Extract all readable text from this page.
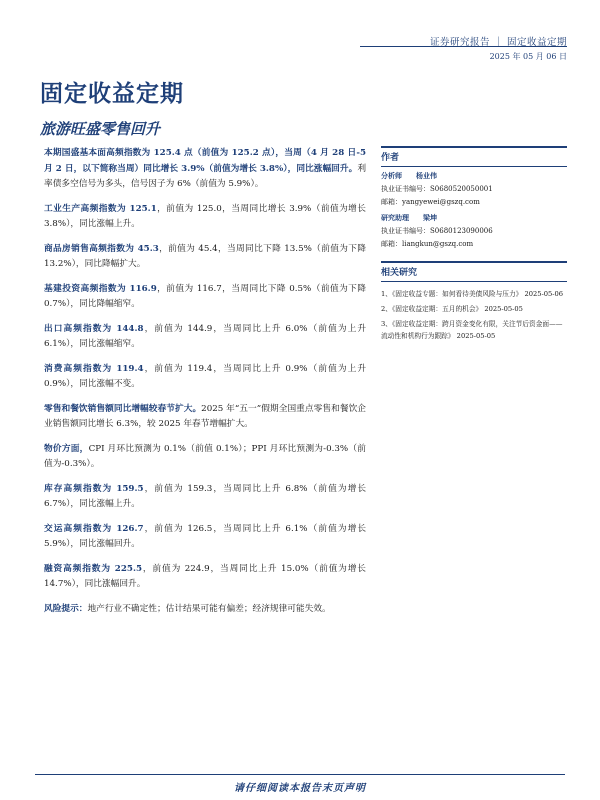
证券研究报告 ｜ 固定收益定期
2025 年 05 月 06 日
固定收益定期
旅游旺盛零售回升

本期国盛基本面高频指数为 125.4 点（前值为 125.2 点），当周（4 月 28 日-5 月 2 日，以下简称当周）同比增长 3.9%（前值为增长 3.8%），同比涨幅回升。利率债多空信号为多头，信号因子为 6%（前值为 5.9%）。

工业生产高频指数为 125.1，前值为 125.0，当周同比增长 3.9%（前值为增长 3.8%），同比涨幅上升。

商品房销售高频指数为 45.3，前值为 45.4，当周同比下降 13.5%（前值为下降 13.2%），同比降幅扩大。

基建投资高频指数为 116.9，前值为 116.7，当周同比下降 0.5%（前值为下降 0.7%），同比降幅缩窄。

出口高频指数为 144.8，前值为 144.9，当周同比上升 6.0%（前值为上升 6.1%），同比涨幅缩窄。

消费高频指数为 119.4，前值为 119.4，当周同比上升 0.9%（前值为上升 0.9%），同比涨幅不变。

零售和餐饮销售额同比增幅较春节扩大。2025 年“五一”假期全国重点零售和餐饮企业销售额同比增长 6.3%，较 2025 年春节增幅扩大。

物价方面，CPI 月环比预测为 0.1%（前值 0.1%）；PPI 月环比预测为-0.3%（前值为-0.3%）。

库存高频指数为 159.5，前值为 159.3，当周同比上升 6.8%（前值为增长 6.7%），同比涨幅上升。

交运高频指数为 126.7，前值为 126.5，当周同比上升 6.1%（前值为增长 5.9%），同比涨幅回升。

融资高频指数为 225.5，前值为 224.9，当周同比上升 15.0%（前值为增长 14.7%），同比涨幅回升。

风险提示：地产行业不确定性；估计结果可能有偏差；经济规律可能失效。

作者
分析师 杨业伟
执业证书编号：S0680520050001
邮箱：yangyewei@gszq.com
研究助理 梁坤
执业证书编号：S0680123090006
邮箱：liangkun@gszq.com
相关研究
1、《固定收益专题：如何看待美债风险与压力》 2025-05-06
2、《固定收益定期：五月的机会》 2025-05-05
3、《固定收益定期：跨月资金变化有限，关注节后资金面——流动性和机构行为跟踪》 2025-05-05
请仔细阅读本报告末页声明
